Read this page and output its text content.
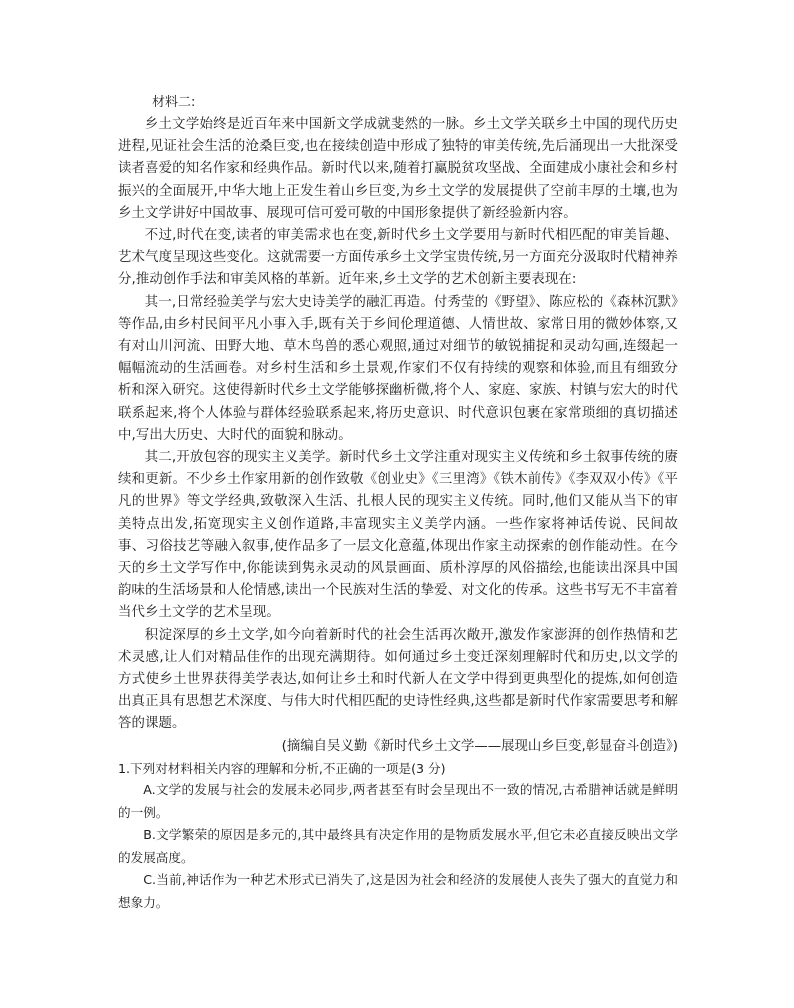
材料二:

乡土文学始终是近百年来中国新文学成就斐然的一脉。乡土文学关联乡土中国的现代历史进程,见证社会生活的沧桑巨变,也在接续创造中形成了独特的审美传统,先后涌现出一大批深受读者喜爱的知名作家和经典作品。新时代以来,随着打赢脱贫攻坚战、全面建成小康社会和乡村振兴的全面展开,中华大地上正发生着山乡巨变,为乡土文学的发展提供了空前丰厚的土壤,也为乡土文学讲好中国故事、展现可信可爱可敬的中国形象提供了新经验新内容。

不过,时代在变,读者的审美需求也在变,新时代乡土文学要用与新时代相匹配的审美旨趣、艺术气度呈现这些变化。这就需要一方面传承乡土文学宝贵传统,另一方面充分汲取时代精神养分,推动创作手法和审美风格的革新。近年来,乡土文学的艺术创新主要表现在:

其一,日常经验美学与宏大史诗美学的融汇再造。付秀莹的《野望》、陈应松的《森林沉默》等作品,由乡村民间平凡小事入手,既有关于乡间伦理道德、人情世故、家常日用的微妙体察,又有对山川河流、田野大地、草木鸟兽的悉心观照,通过对细节的敏锐捕捉和灵动勾画,连缀起一幅幅流动的生活画卷。对乡村生活和乡土景观,作家们不仅有持续的观察和体验,而且有细致分析和深入研究。这使得新时代乡土文学能够探幽析微,将个人、家庭、家族、村镇与宏大的时代联系起来,将个人体验与群体经验联系起来,将历史意识、时代意识包裹在家常琐细的真切描述中,写出大历史、大时代的面貌和脉动。

其二,开放包容的现实主义美学。新时代乡土文学注重对现实主义传统和乡土叙事传统的赓续和更新。不少乡土作家用新的创作致敬《创业史》《三里湾》《铁木前传》《李双双小传》《平凡的世界》等文学经典,致敬深入生活、扎根人民的现实主义传统。同时,他们又能从当下的审美特点出发,拓宽现实主义创作道路,丰富现实主义美学内涵。一些作家将神话传说、民间故事、习俗技艺等融入叙事,使作品多了一层文化意蕴,体现出作家主动探索的创作能动性。在今天的乡土文学写作中,你能读到隽永灵动的风景画面、质朴淳厚的风俗描绘,也能读出深具中国韵味的生活场景和人伦情感,读出一个民族对生活的挚爱、对文化的传承。这些书写无不丰富着当代乡土文学的艺术呈现。

积淀深厚的乡土文学,如今向着新时代的社会生活再次敞开,激发作家澎湃的创作热情和艺术灵感,让人们对精品佳作的出现充满期待。如何通过乡土变迁深刻理解时代和历史,以文学的方式使乡土世界获得美学表达,如何让乡土和时代新人在文学中得到更典型化的提炼,如何创造出真正具有思想艺术深度、与伟大时代相匹配的史诗性经典,这些都是新时代作家需要思考和解答的课题。

(摘编自吴义勤《新时代乡土文学——展现山乡巨变,彰显奋斗创造》)

1.下列对材料相关内容的理解和分析,不正确的一项是(3 分)

A.文学的发展与社会的发展未必同步,两者甚至有时会呈现出不一致的情况,古希腊神话就是鲜明的一例。

B.文学繁荣的原因是多元的,其中最终具有决定作用的是物质发展水平,但它未必直接反映出文学的发展高度。

C.当前,神话作为一种艺术形式已消失了,这是因为社会和经济的发展使人丧失了强大的直觉力和想象力。
